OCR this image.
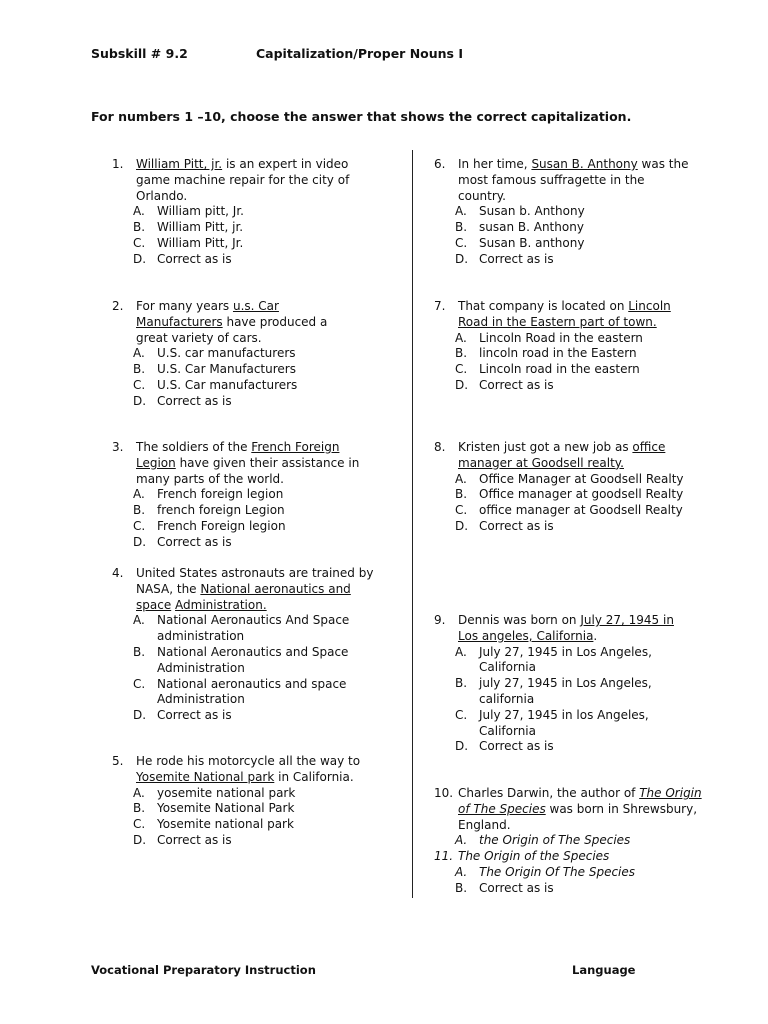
Subskill # 9.2	Capitalization/Proper Nouns I
For numbers 1 –10, choose the answer that shows the correct capitalization.
1. William Pitt, jr. is an expert in video game machine repair for the city of Orlando.
A. William pitt, Jr.
B. William Pitt, jr.
C. William Pitt, Jr.
D. Correct as is
2. For many years u.s. Car Manufacturers have produced a great variety of cars.
A. U.S. car manufacturers
B. U.S. Car Manufacturers
C. U.S. Car manufacturers
D. Correct as is
3. The soldiers of the French Foreign Legion have given their assistance in many parts of the world.
A. French foreign legion
B. french foreign Legion
C. French Foreign legion
D. Correct as is
4. United States astronauts are trained by NASA, the National aeronautics and space Administration.
A. National Aeronautics And Space administration
B. National Aeronautics and Space Administration
C. National aeronautics and space Administration
D. Correct as is
5. He rode his motorcycle all the way to Yosemite National park in California.
A. yosemite national park
B. Yosemite National Park
C. Yosemite national park
D. Correct as is
6. In her time, Susan B. Anthony was the most famous suffragette in the country.
A. Susan b. Anthony
B. susan B. Anthony
C. Susan B. anthony
D. Correct as is
7. That company is located on Lincoln Road in the Eastern part of town.
A. Lincoln Road in the eastern
B. lincoln road in the Eastern
C. Lincoln road in the eastern
D. Correct as is
8. Kristen just got a new job as office manager at Goodsell realty.
A. Office Manager at Goodsell Realty
B. Office manager at goodsell Realty
C. office manager at Goodsell Realty
D. Correct as is
9. Dennis was born on July 27, 1945 in Los angeles, California.
A. July 27, 1945 in Los Angeles, California
B. july 27, 1945 in Los Angeles, california
C. July 27, 1945 in los Angeles, California
D. Correct as is
10. Charles Darwin, the author of The Origin of The Species was born in Shrewsbury, England.
A. the Origin of The Species
11. The Origin of the Species
A. The Origin Of The Species
B. Correct as is
Vocational Preparatory Instruction	Language
